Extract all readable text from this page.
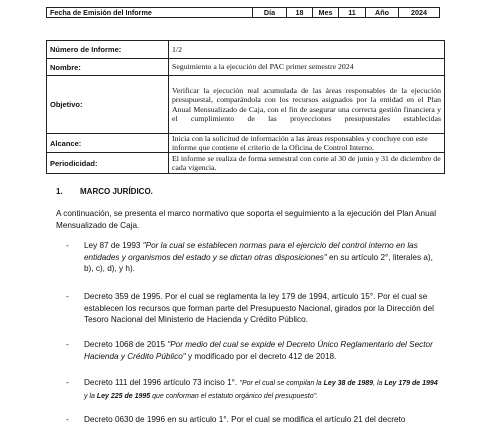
Fecha de Emisión del Informe	Día	18	Mes	11	Año	2024
Número de Informe:	1/2
Nombre:	Seguimiento a la ejecución del PAC primer semestre 2024
Objetivo:	Verificar la ejecución real acumulada de las áreas responsables de la ejecución presupuestal, comparándola con los recursos asignados por la entidad en el Plan Anual Mensualizado de Caja, con el fin de asegurar una correcta gestión financiera y el cumplimiento de las proyecciones presupuestales establecidas
Alcance:	Inicia con la solicitud de información a las áreas responsables y concluye con este informe que contiene el criterio de la Oficina de Control Interno.
Periodicidad:	El informe se realiza de forma semestral con corte al 30 de junio y 31 de diciembre de cada vigencia.
1. MARCO JURÍDICO.
A continuación, se presenta el marco normativo que soporta el seguimiento a la ejecución del Plan Anual Mensualizado de Caja.
- Ley 87 de 1993 "Por la cual se establecen normas para el ejercicio del control interno en las entidades y organismos del estado y se dictan otras disposiciones" en su artículo 2°, literales a), b), c), d), y h).
- Decreto 359 de 1995. Por el cual se reglamenta la ley 179 de 1994, artículo 15°. Por el cual se establecen los recursos que forman parte del Presupuesto Nacional, girados por la Dirección del Tesoro Nacional del Ministerio de Hacienda y Crédito Público.
- Decreto 1068 de 2015 "Por medio del cual se expide el Decreto Único Reglamentario del Sector Hacienda y Crédito Público" y modificado por el decreto 412 de 2018.
- Decreto 111 del 1996 artículo 73 inciso 1°. "Por el cual se compilan la Ley 38 de 1989, la Ley 179 de 1994 y la Ley 225 de 1995 que conforman el estatuto orgánico del presupuesto".
- Decreto 0630 de 1996 en su artículo 1°. Por el cual se modifica el artículo 21 del decreto
